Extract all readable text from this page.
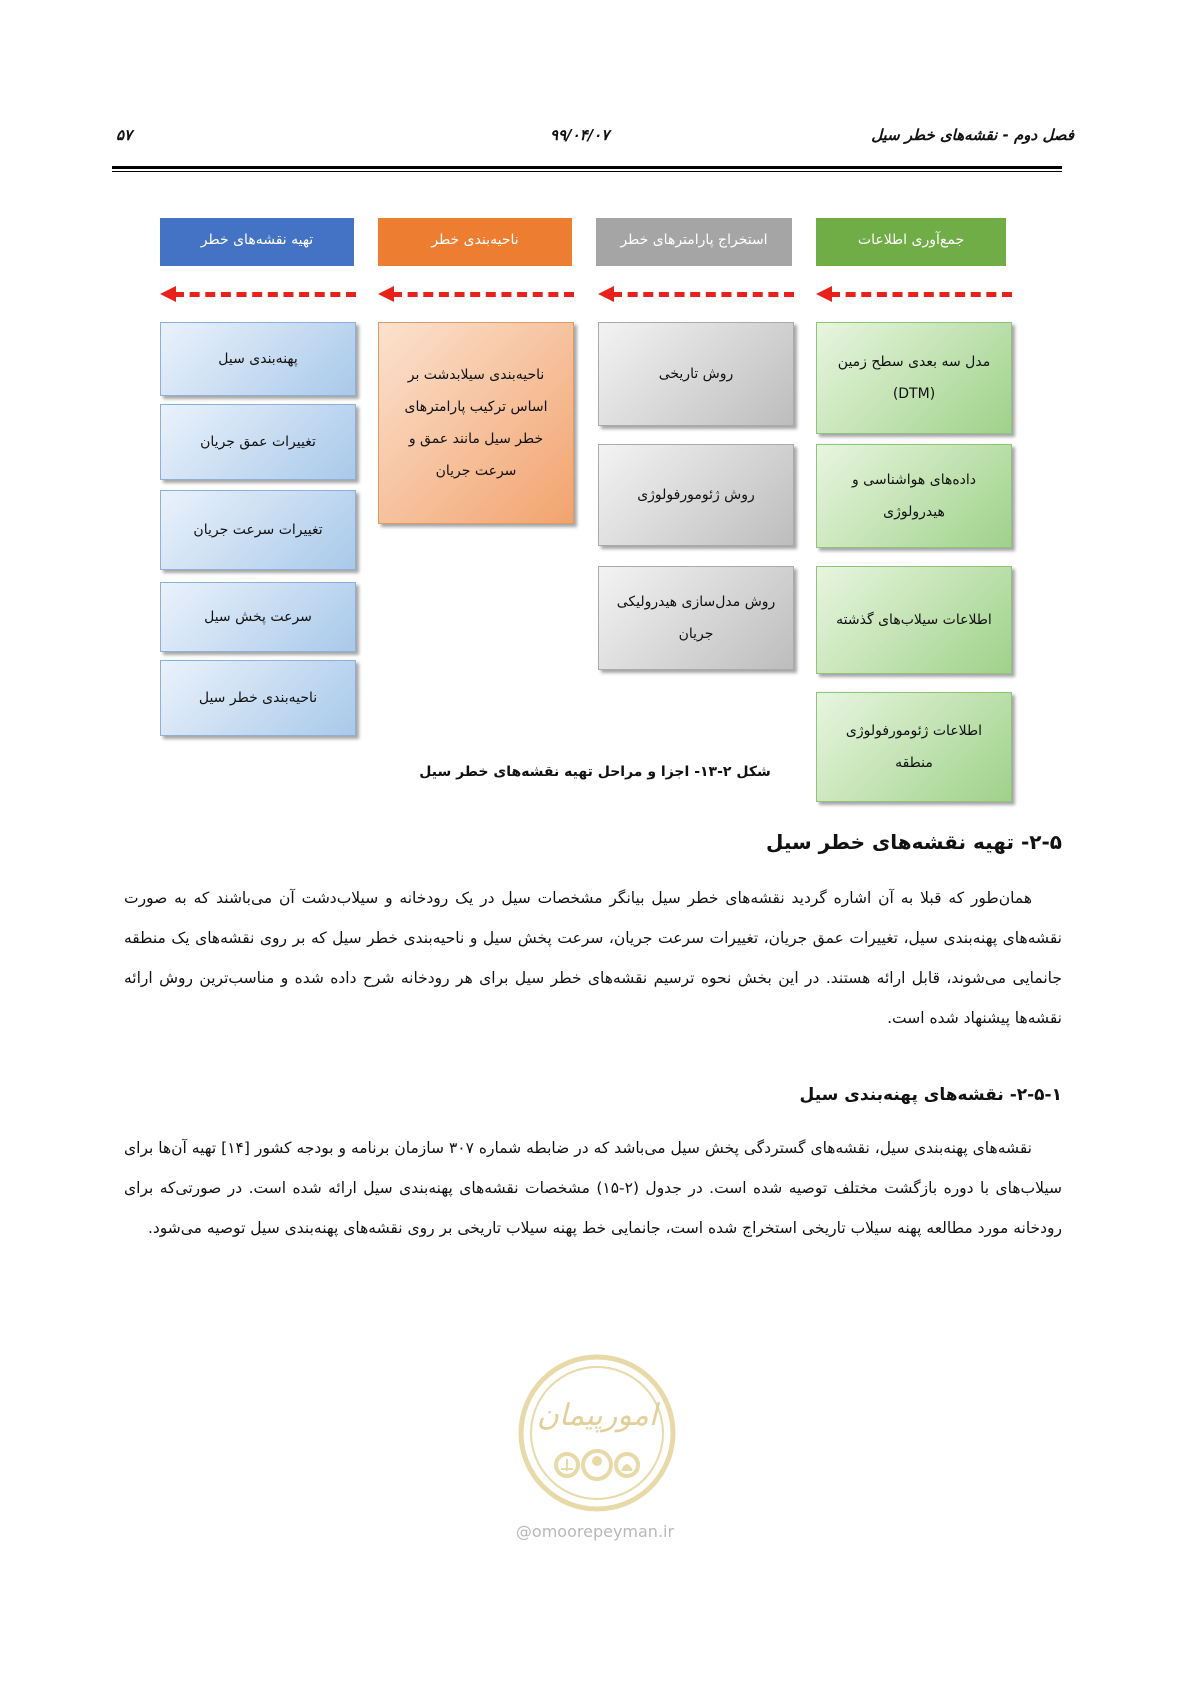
۵۷	۹۹/۰۴/۰۷	فصل دوم - نقشه‌های خطر سیل
جمع‌آوری اطلاعات
استخراج پارامترهای خطر
ناحیه‌بندی خطر
تهیه نقشه‌های خطر
مدل سه بعدی سطح زمین (DTM)
داده‌های هواشناسی و هیدرولوژی
اطلاعات سیلاب‌های گذشته
اطلاعات ژئومورفولوژی منطقه
روش تاریخی
روش ژئومورفولوژی
روش مدل‌سازی هیدرولیکی جریان
ناحیه‌بندی سیلابدشت بر اساس ترکیب پارامترهای خطر سیل مانند عمق و سرعت جریان
پهنه‌بندی سیل
تغییرات عمق جریان
تغییرات سرعت جریان
سرعت پخش سیل
ناحیه‌بندی خطر سیل
شکل ۲-۱۳- اجزا و مراحل تهیه نقشه‌های خطر سیل
۲-۵- تهیه نقشه‌های خطر سیل
همان‌طور که قبلا به آن اشاره گردید نقشه‌های خطر سیل بیانگر مشخصات سیل در یک رودخانه و سیلاب‌دشت آن می‌باشند که به صورت نقشه‌های پهنه‌بندی سیل، تغییرات عمق جریان، تغییرات سرعت جریان، سرعت پخش سیل و ناحیه‌بندی خطر سیل که بر روی نقشه‌های یک منطقه جانمایی می‌شوند، قابل ارائه هستند. در این بخش نحوه ترسیم نقشه‌های خطر سیل برای هر رودخانه شرح داده شده و مناسب‌ترین روش ارائه نقشه‌ها پیشنهاد شده است.
۲-۵-۱- نقشه‌های پهنه‌بندی سیل
نقشه‌های پهنه‌بندی سیل، نقشه‌های گستردگی پخش سیل می‌باشد که در ضابطه شماره ۳۰۷ سازمان برنامه و بودجه کشور [۱۴] تهیه آن‌ها برای سیلاب‌های با دوره بازگشت مختلف توصیه شده است. در جدول (۲-۱۵) مشخصات نقشه‌های پهنه‌بندی سیل ارائه شده است. در صورتی‌که برای رودخانه مورد مطالعه پهنه سیلاب تاریخی استخراج شده است، جانمایی خط پهنه سیلاب تاریخی بر روی نقشه‌های پهنه‌بندی سیل توصیه می‌شود.
امورپیمان
@omoorepeyman.ir
